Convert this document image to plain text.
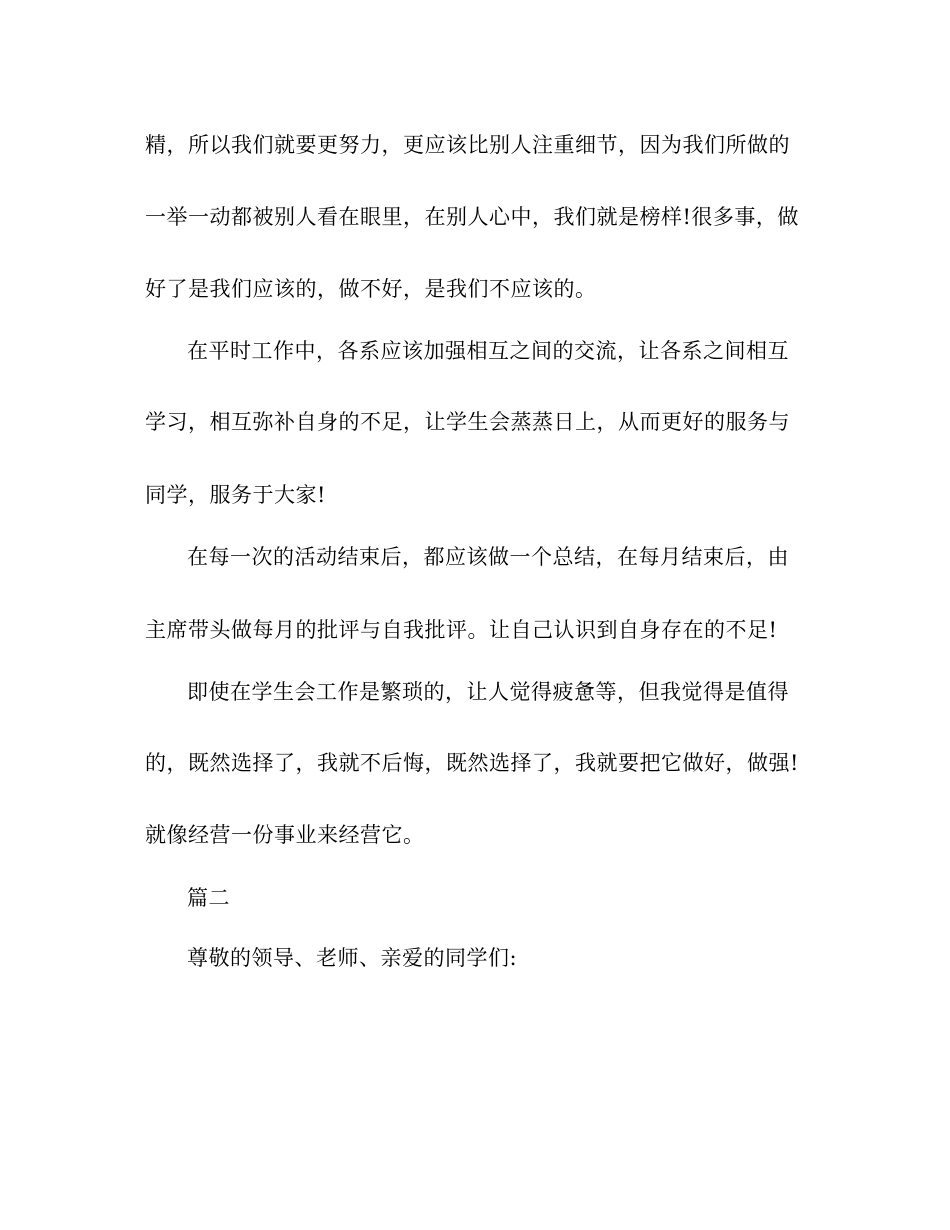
精，所以我们就要更努力，更应该比别人注重细节，因为我们所做的
一举一动都被别人看在眼里，在别人心中，我们就是榜样!很多事，做
好了是我们应该的，做不好，是我们不应该的。
在平时工作中，各系应该加强相互之间的交流，让各系之间相互
学习，相互弥补自身的不足，让学生会蒸蒸日上，从而更好的服务与
同学，服务于大家!
在每一次的活动结束后，都应该做一个总结，在每月结束后，由
主席带头做每月的批评与自我批评。让自己认识到自身存在的不足!
即使在学生会工作是繁琐的，让人觉得疲惫等，但我觉得是值得
的，既然选择了，我就不后悔，既然选择了，我就要把它做好，做强!
就像经营一份事业来经营它。
篇二
尊敬的领导、老师、亲爱的同学们:
